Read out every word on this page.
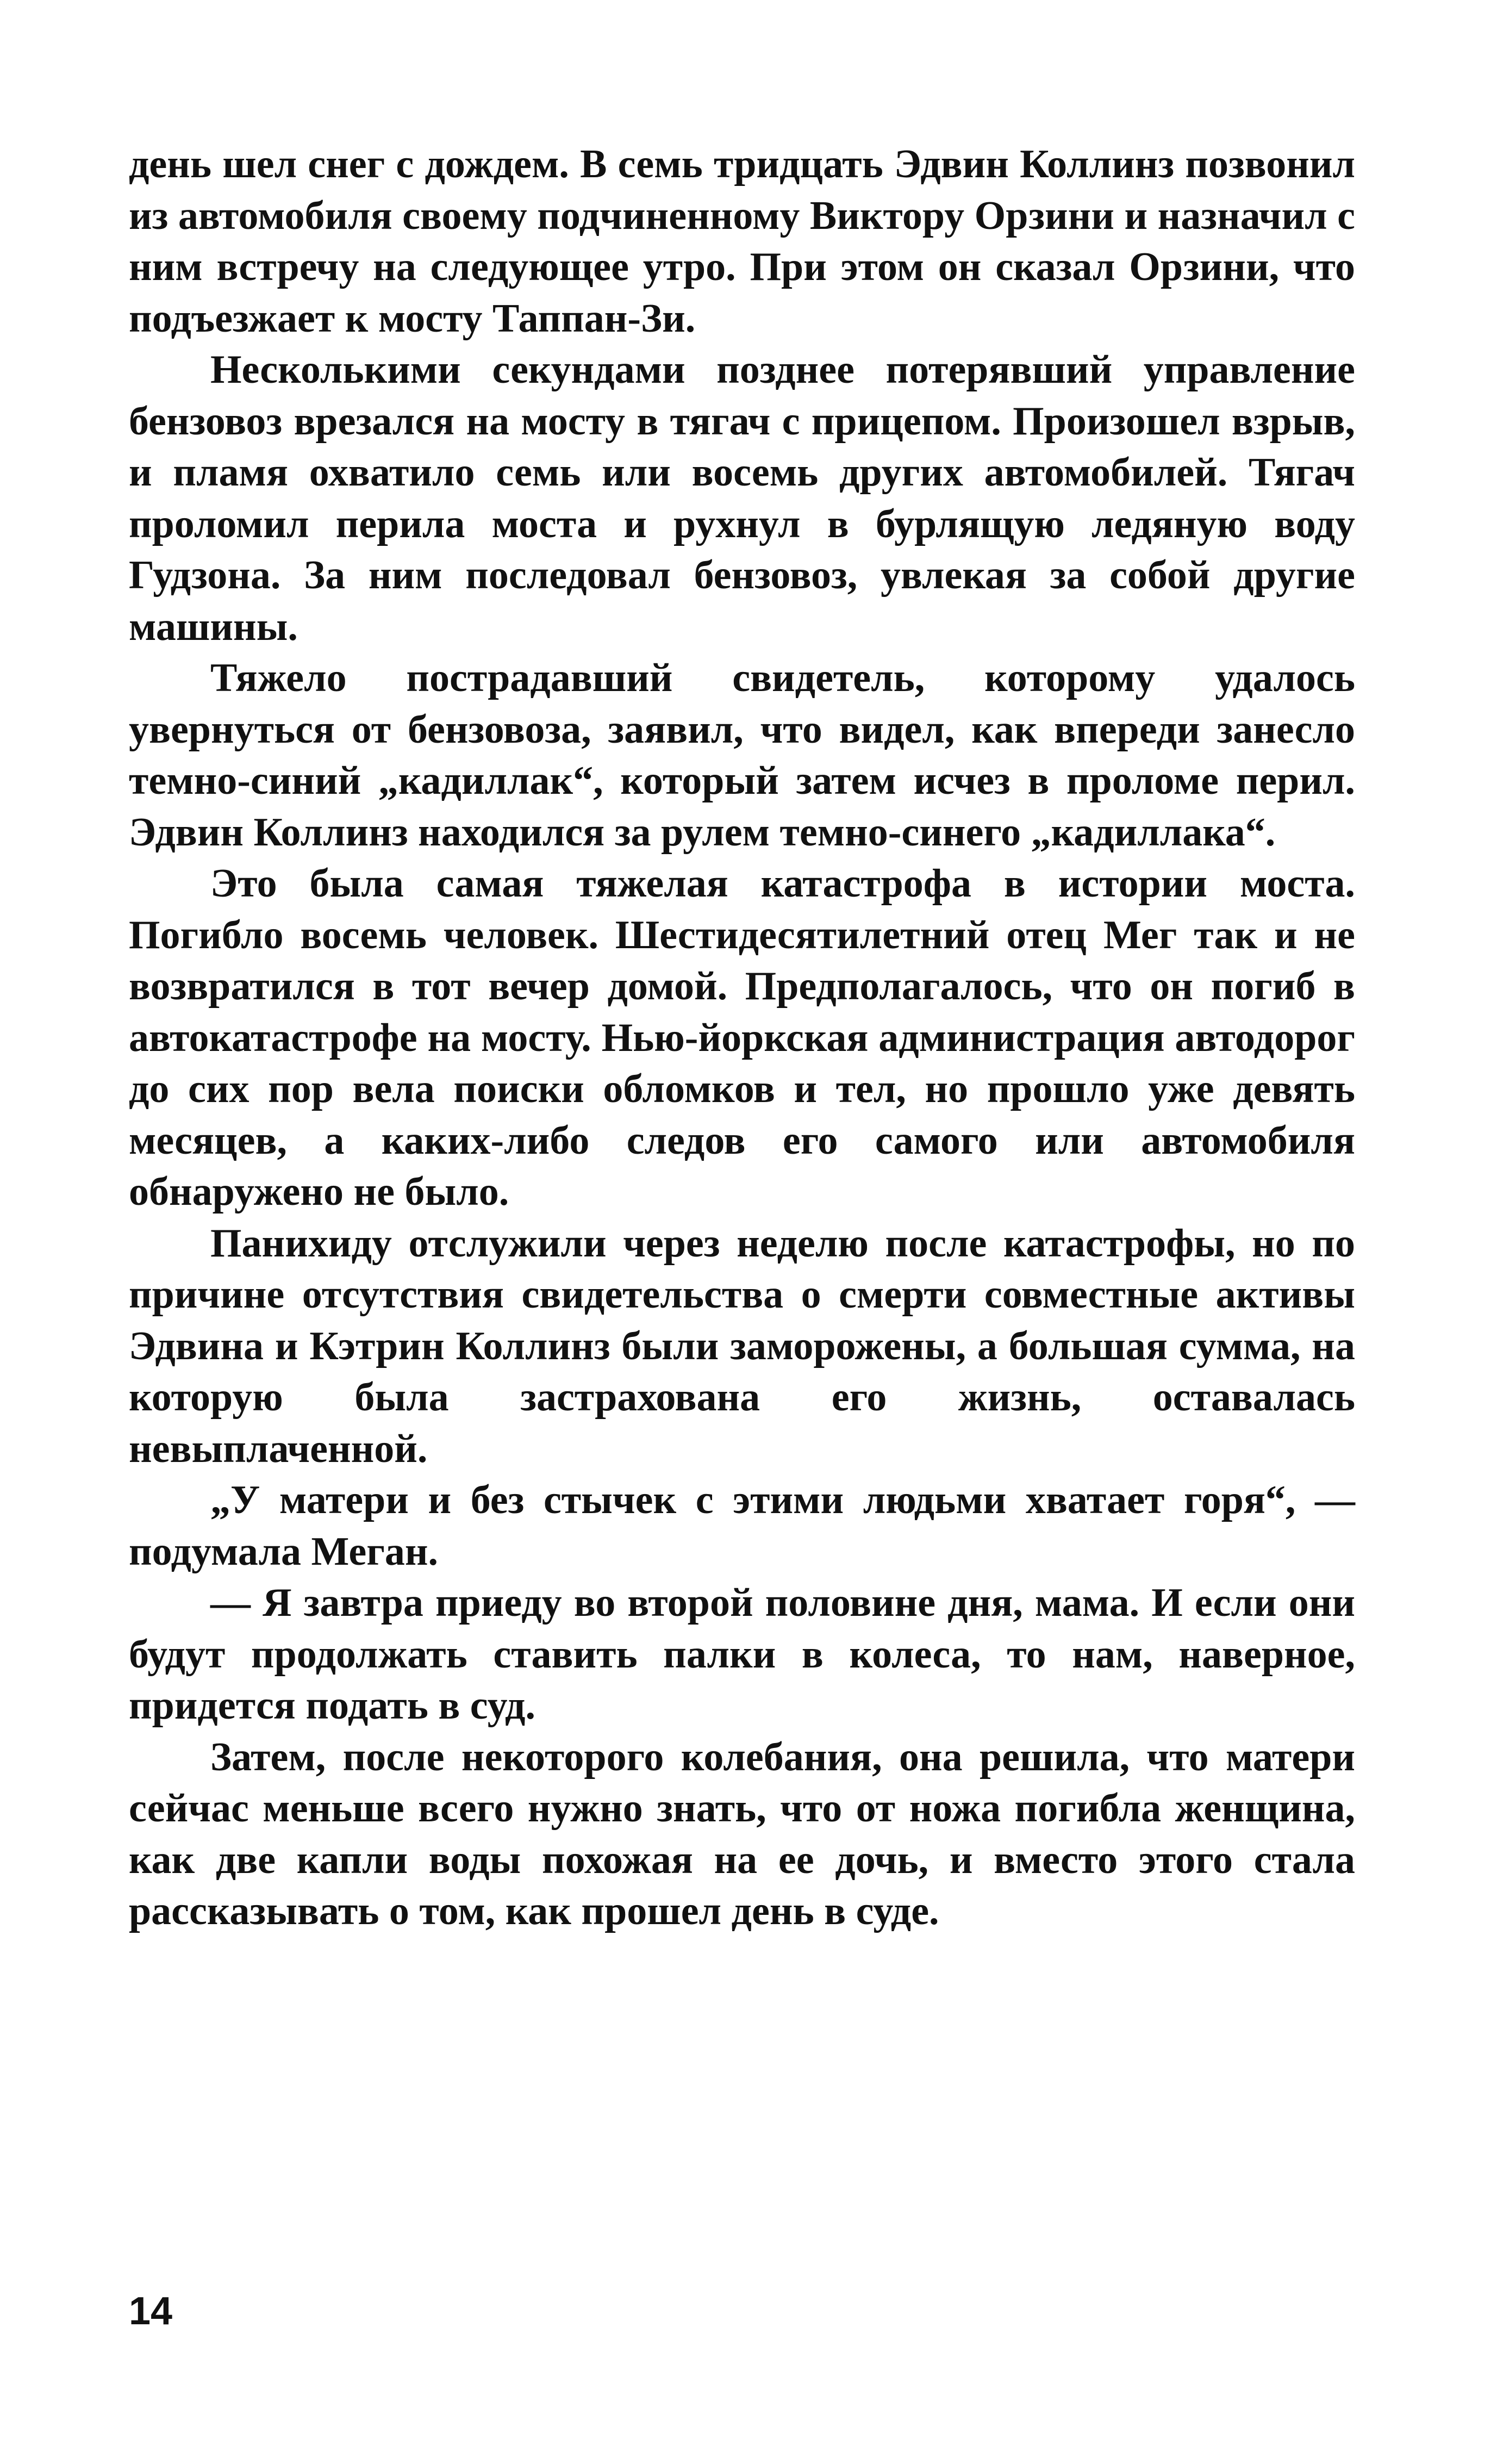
день шел снег с дождем. В семь тридцать Эдвин Коллинз позвонил из автомобиля своему подчиненному Виктору Орзини и назначил с ним встречу на следующее утро. При этом он сказал Орзини, что подъезжает к мосту Таппан-Зи.

Несколькими секундами позднее потерявший управление бензовоз врезался на мосту в тягач с прицепом. Произошел взрыв, и пламя охватило семь или восемь других автомобилей. Тягач проломил перила моста и рухнул в бурлящую ледяную воду Гудзона. За ним последовал бензовоз, увлекая за собой другие машины.

Тяжело пострадавший свидетель, которому удалось увернуться от бензовоза, заявил, что видел, как впереди занесло темно-синий „кадиллак“, который затем исчез в проломе перил. Эдвин Коллинз находился за рулем темно-синего „кадиллака“.

Это была самая тяжелая катастрофа в истории моста. Погибло восемь человек. Шестидесятилетний отец Мег так и не возвратился в тот вечер домой. Предполагалось, что он погиб в автокатастрофе на мосту. Нью-йоркская администрация автодорог до сих пор вела поиски обломков и тел, но прошло уже девять месяцев, а каких-либо следов его самого или автомобиля обнаружено не было.

Панихиду отслужили через неделю после катастрофы, но по причине отсутствия свидетельства о смерти совместные активы Эдвина и Кэтрин Коллинз были заморожены, а большая сумма, на которую была застрахована его жизнь, оставалась невыплаченной.

„У матери и без стычек с этими людьми хватает горя“, — подумала Меган.

— Я завтра приеду во второй половине дня, мама. И если они будут продолжать ставить палки в колеса, то нам, наверное, придется подать в суд.

Затем, после некоторого колебания, она решила, что матери сейчас меньше всего нужно знать, что от ножа погибла женщина, как две капли воды похожая на ее дочь, и вместо этого стала рассказывать о том, как прошел день в суде.

14
